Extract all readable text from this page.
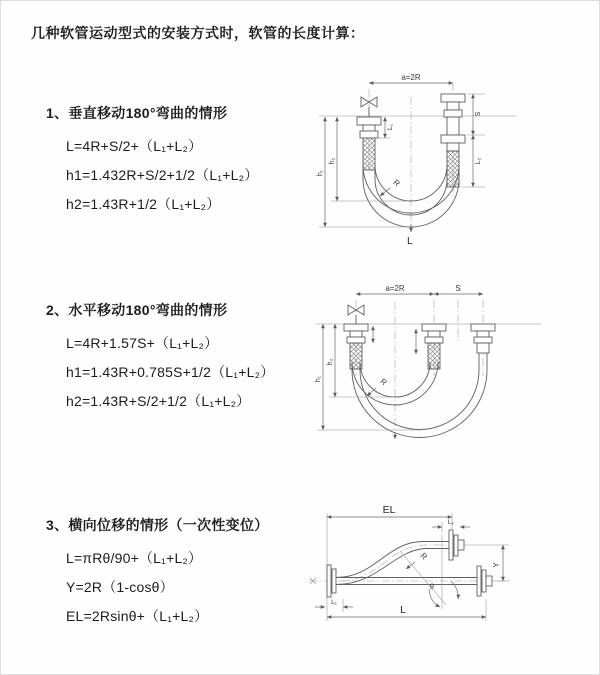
几种软管运动型式的安装方式时，软管的长度计算：
1、垂直移动180°弯曲的情形
L=4R+S/2+（L₁+L₂）
h1=1.432R+S/2+1/2（L₁+L₂）
h2=1.43R+1/2（L₁+L₂）
2、水平移动180°弯曲的情形
L=4R+1.57S+（L₁+L₂）
h1=1.43R+0.785S+1/2（L₁+L₂）
h2=1.43R+S/2+1/2（L₁+L₂）
3、横向位移的情形（一次性变位）
L=πRθ/90+（L₁+L₂）
Y=2R（1-cosθ）
EL=2Rsinθ+（L₁+L₂）
a=2R
L₁
S
L₂
h₁
h₂
R
L
a=2R	S
h₁
h₂
R
EL
L₂
Y
R
θ
L₁
L
